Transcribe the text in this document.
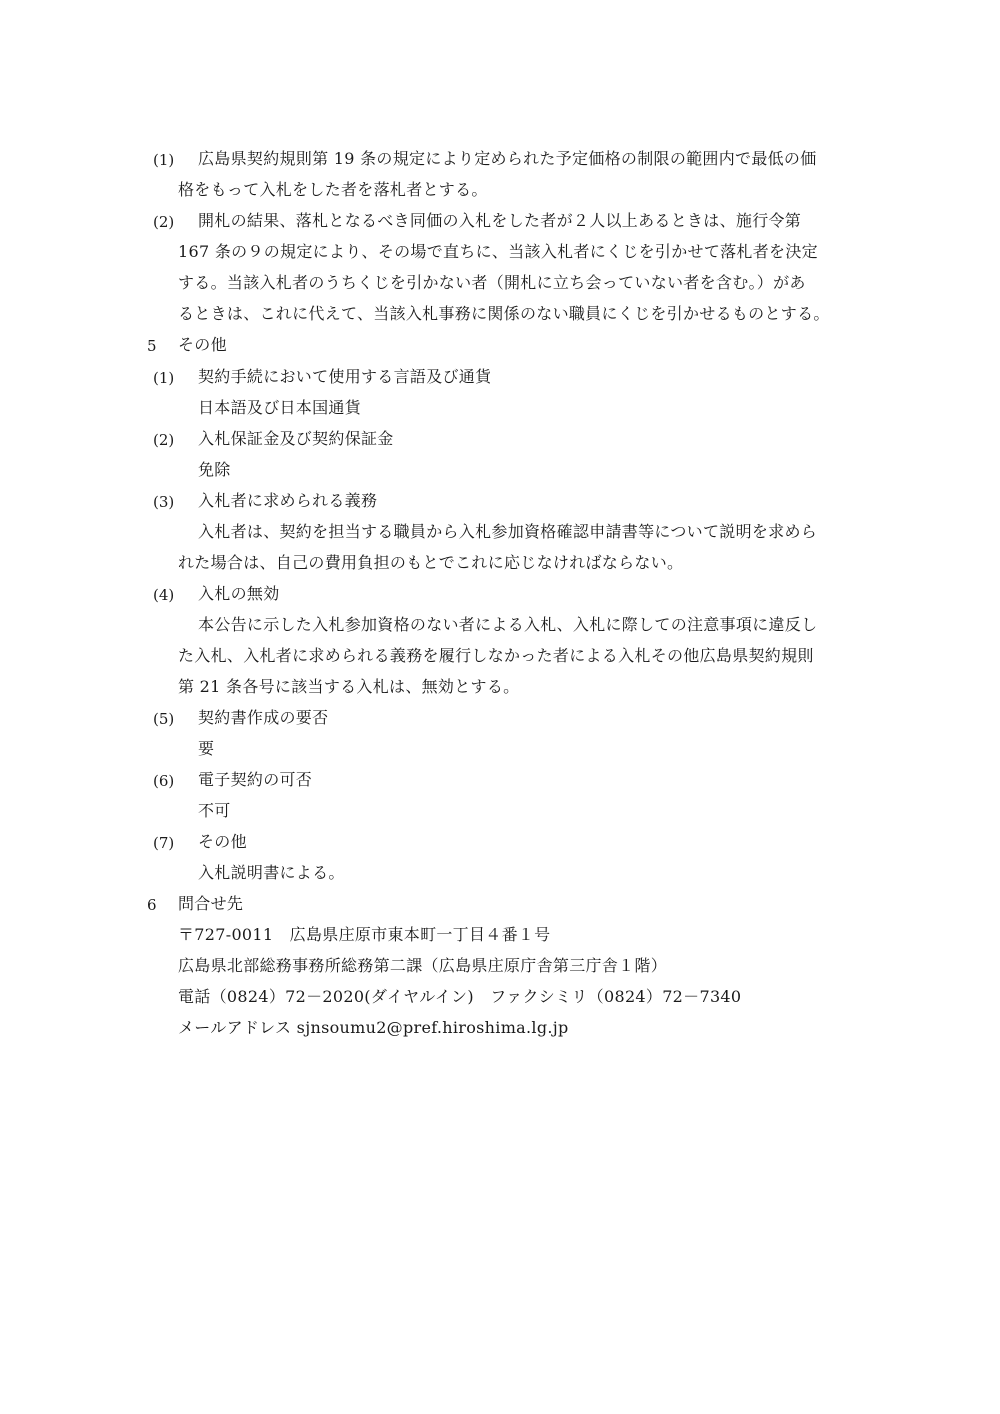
(1) 広島県契約規則第 19 条の規定により定められた予定価格の制限の範囲内で最低の価
格をもって入札をした者を落札者とする。
(2) 開札の結果、落札となるべき同価の入札をした者が２人以上あるときは、施行令第
167 条の９の規定により、その場で直ちに、当該入札者にくじを引かせて落札者を決定
する。当該入札者のうちくじを引かない者（開札に立ち会っていない者を含む。）があ
るときは、これに代えて、当該入札事務に関係のない職員にくじを引かせるものとする。
5 その他
(1) 契約手続において使用する言語及び通貨
日本語及び日本国通貨
(2) 入札保証金及び契約保証金
免除
(3) 入札者に求められる義務
入札者は、契約を担当する職員から入札参加資格確認申請書等について説明を求めら
れた場合は、自己の費用負担のもとでこれに応じなければならない。
(4) 入札の無効
本公告に示した入札参加資格のない者による入札、入札に際しての注意事項に違反し
た入札、入札者に求められる義務を履行しなかった者による入札その他広島県契約規則
第 21 条各号に該当する入札は、無効とする。
(5) 契約書作成の要否
要
(6) 電子契約の可否
不可
(7) その他
入札説明書による。
6 問合せ先
〒727-0011　広島県庄原市東本町一丁目４番１号
広島県北部総務事務所総務第二課（広島県庄原庁舎第三庁舎１階）
電話（0824）72－2020(ダイヤルイン)　ファクシミリ（0824）72－7340
メールアドレス sjnsoumu2@pref.hiroshima.lg.jp
